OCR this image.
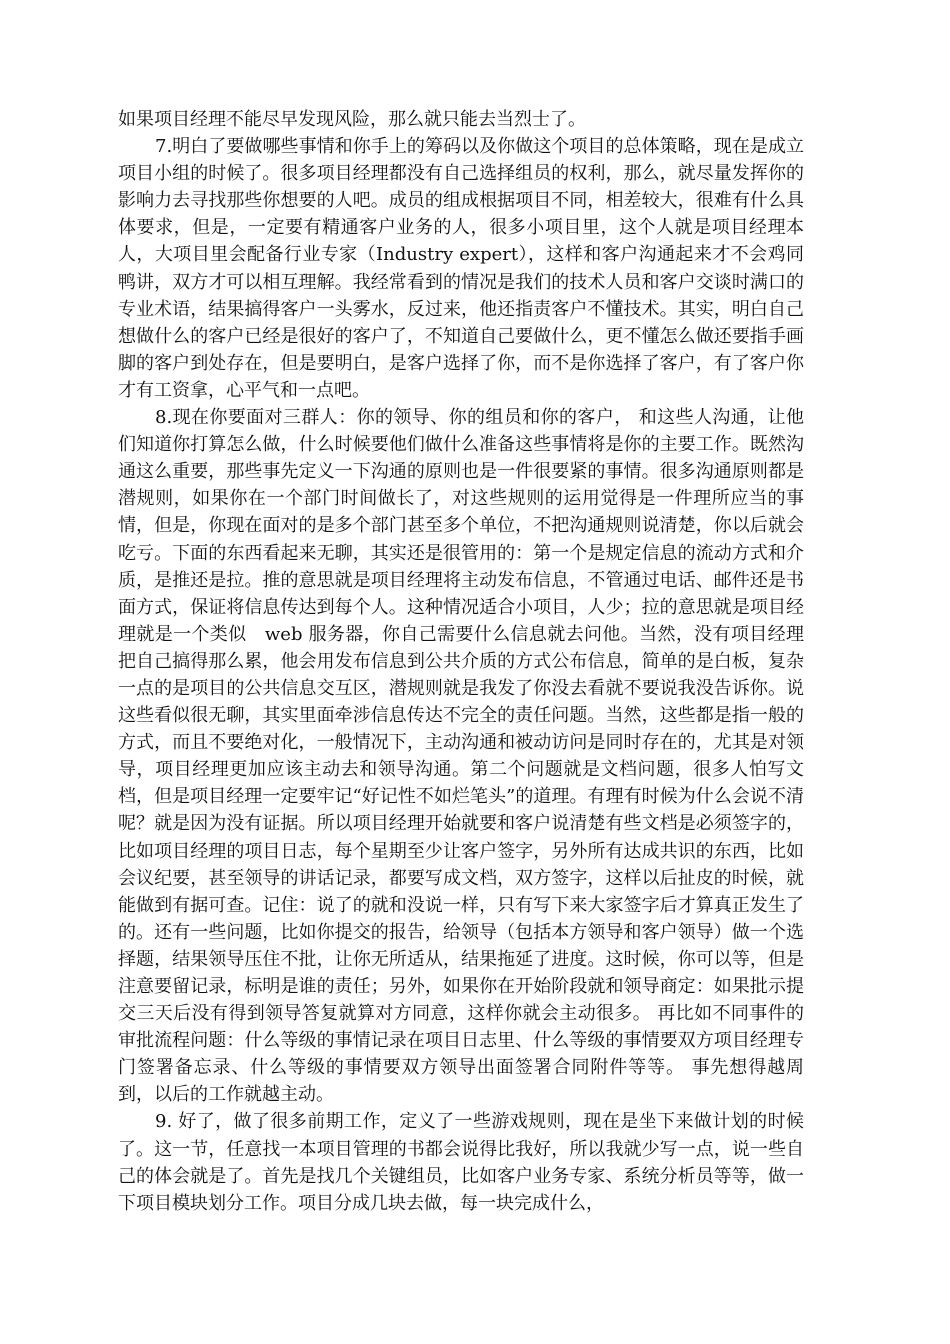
如果项目经理不能尽早发现风险，那么就只能去当烈士了。

7.明白了要做哪些事情和你手上的筹码以及你做这个项目的总体策略，现在是成立项目小组的时候了。很多项目经理都没有自己选择组员的权利，那么，就尽量发挥你的影响力去寻找那些你想要的人吧。成员的组成根据项目不同，相差较大，很难有什么具体要求，但是，一定要有精通客户业务的人，很多小项目里，这个人就是项目经理本人，大项目里会配备行业专家（Industry expert），这样和客户沟通起来才不会鸡同鸭讲，双方才可以相互理解。我经常看到的情况是我们的技术人员和客户交谈时满口的专业术语，结果搞得客户一头雾水，反过来，他还指责客户不懂技术。其实，明白自己想做什么的客户已经是很好的客户了，不知道自己要做什么，更不懂怎么做还要指手画脚的客户到处存在，但是要明白，是客户选择了你，而不是你选择了客户，有了客户你才有工资拿，心平气和一点吧。

8.现在你要面对三群人：你的领导、你的组员和你的客户， 和这些人沟通，让他们知道你打算怎么做，什么时候要他们做什么准备这些事情将是你的主要工作。既然沟通这么重要，那些事先定义一下沟通的原则也是一件很要紧的事情。很多沟通原则都是潜规则，如果你在一个部门时间做长了，对这些规则的运用觉得是一件理所应当的事情，但是，你现在面对的是多个部门甚至多个单位，不把沟通规则说清楚，你以后就会吃亏。下面的东西看起来无聊，其实还是很管用的：第一个是规定信息的流动方式和介质，是推还是拉。推的意思就是项目经理将主动发布信息，不管通过电话、邮件还是书面方式，保证将信息传达到每个人。这种情况适合小项目，人少；拉的意思就是项目经理就是一个类似　web 服务器，你自己需要什么信息就去问他。当然，没有项目经理把自己搞得那么累，他会用发布信息到公共介质的方式公布信息，简单的是白板，复杂一点的是项目的公共信息交互区，潜规则就是我发了你没去看就不要说我没告诉你。说这些看似很无聊，其实里面牵涉信息传达不完全的责任问题。当然，这些都是指一般的方式，而且不要绝对化，一般情况下，主动沟通和被动访问是同时存在的，尤其是对领导，项目经理更加应该主动去和领导沟通。第二个问题就是文档问题，很多人怕写文档，但是项目经理一定要牢记“好记性不如烂笔头”的道理。有理有时候为什么会说不清呢？就是因为没有证据。所以项目经理开始就要和客户说清楚有些文档是必须签字的，比如项目经理的项目日志，每个星期至少让客户签字，另外所有达成共识的东西，比如会议纪要，甚至领导的讲话记录，都要写成文档，双方签字，这样以后扯皮的时候，就能做到有据可查。记住：说了的就和没说一样，只有写下来大家签字后才算真正发生了的。还有一些问题，比如你提交的报告，给领导（包括本方领导和客户领导）做一个选择题，结果领导压住不批，让你无所适从，结果拖延了进度。这时候，你可以等，但是注意要留记录，标明是谁的责任；另外，如果你在开始阶段就和领导商定：如果批示提交三天后没有得到领导答复就算对方同意，这样你就会主动很多。 再比如不同事件的审批流程问题：什么等级的事情记录在项目日志里、什么等级的事情要双方项目经理专门签署备忘录、什么等级的事情要双方领导出面签署合同附件等等。 事先想得越周到，以后的工作就越主动。

9. 好了，做了很多前期工作，定义了一些游戏规则，现在是坐下来做计划的时候了。这一节，任意找一本项目管理的书都会说得比我好，所以我就少写一点，说一些自己的体会就是了。首先是找几个关键组员，比如客户业务专家、系统分析员等等，做一下项目模块划分工作。项目分成几块去做，每一块完成什么，
